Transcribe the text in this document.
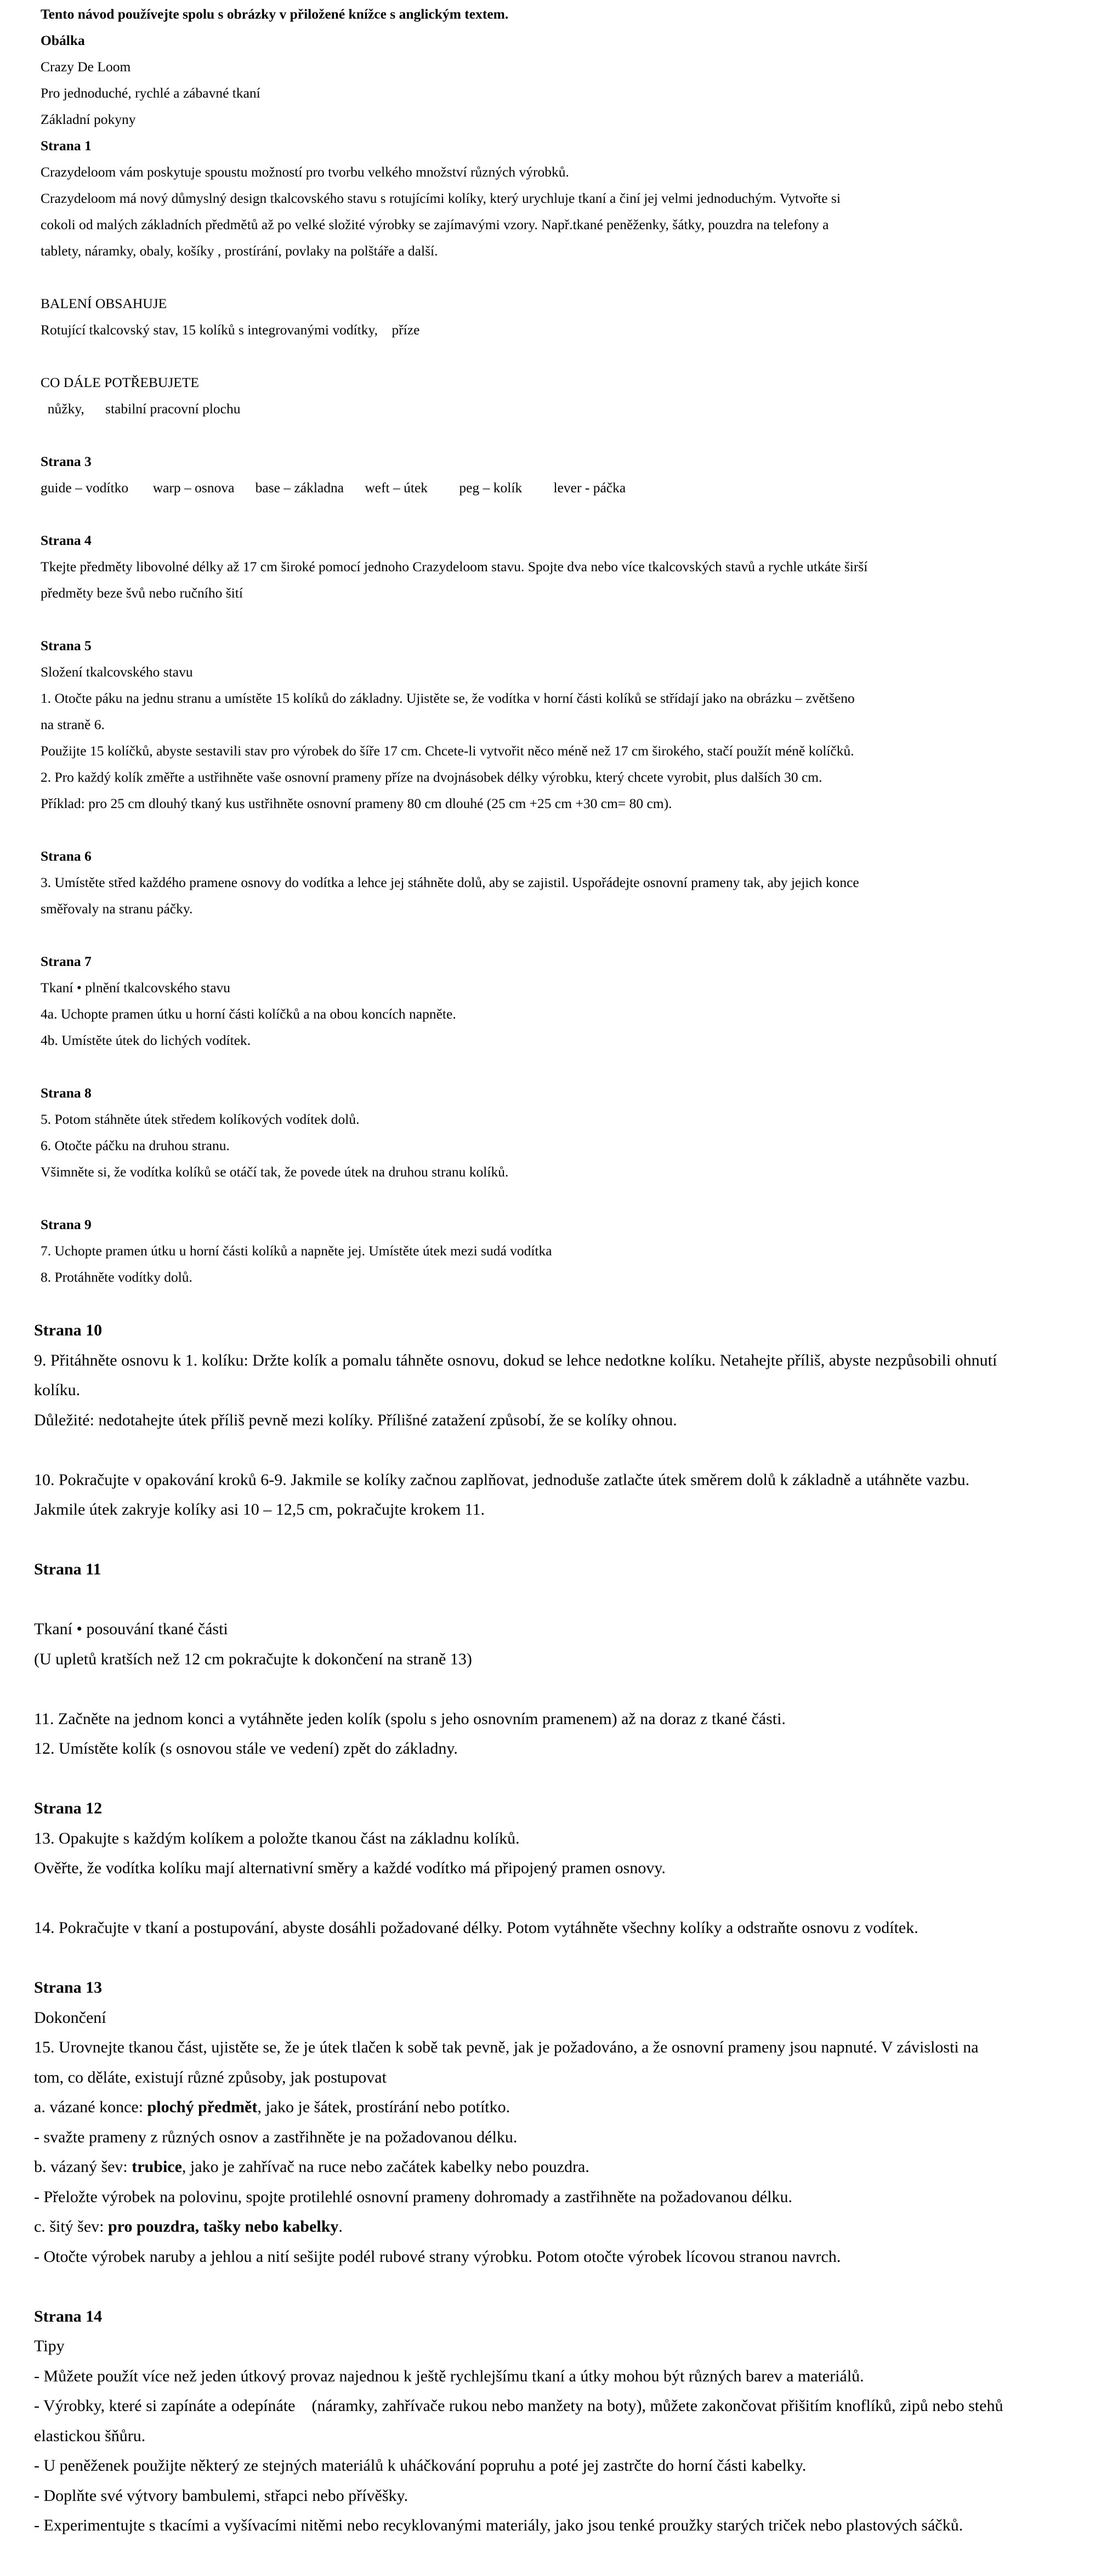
Tento návod používejte spolu s obrázky v přiložené knížce s anglickým textem.
Obálka
Crazy De Loom
Pro jednoduché, rychlé a zábavné tkaní
Základní pokyny
Strana 1
Crazydeloom vám poskytuje spoustu možností pro tvorbu velkého množství různých výrobků.
Crazydeloom má nový důmyslný design tkalcovského stavu s rotujícími kolíky, který urychluje tkaní a činí jej velmi jednoduchým. Vytvořte si
cokoli od malých základních předmětů až po velké složité výrobky se zajímavými vzory. Např.tkané peněženky, šátky, pouzdra na telefony a
tablety, náramky, obaly, košíky , prostírání, povlaky na polštáře a další.

BALENÍ OBSAHUJE
Rotující tkalcovský stav, 15 kolíků s integrovanými vodítky,    příze

CO DÁLE POTŘEBUJETE
nůžky,      stabilní pracovní plochu

Strana 3
guide – vodítko       warp – osnova      base – základna      weft – útek         peg – kolík         lever - páčka

Strana 4
Tkejte předměty libovolné délky až 17 cm široké pomocí jednoho Crazydeloom stavu. Spojte dva nebo více tkalcovských stavů a rychle utkáte širší
předměty beze švů nebo ručního šití

Strana 5
Složení tkalcovského stavu
1. Otočte páku na jednu stranu a umístěte 15 kolíků do základny. Ujistěte se, že vodítka v horní části kolíků se střídají jako na obrázku – zvětšeno
na straně 6.
Použijte 15 kolíčků, abyste sestavili stav pro výrobek do šíře 17 cm. Chcete-li vytvořit něco méně než 17 cm širokého, stačí použít méně kolíčků.
2. Pro každý kolík změřte a ustřihněte vaše osnovní prameny příze na dvojnásobek délky výrobku, který chcete vyrobit, plus dalších 30 cm.
Příklad: pro 25 cm dlouhý tkaný kus ustřihněte osnovní prameny 80 cm dlouhé (25 cm +25 cm +30 cm= 80 cm).

Strana 6
3. Umístěte střed každého pramene osnovy do vodítka a lehce jej stáhněte dolů, aby se zajistil. Uspořádejte osnovní prameny tak, aby jejich konce
směřovaly na stranu páčky.

Strana 7
Tkaní • plnění tkalcovského stavu
4a. Uchopte pramen útku u horní části kolíčků a na obou koncích napněte.
4b. Umístěte útek do lichých vodítek.

Strana 8
5. Potom stáhněte útek středem kolíkových vodítek dolů.
6. Otočte páčku na druhou stranu.
Všimněte si, že vodítka kolíků se otáčí tak, že povede útek na druhou stranu kolíků.

Strana 9
7. Uchopte pramen útku u horní části kolíků a napněte jej. Umístěte útek mezi sudá vodítka
8. Protáhněte vodítky dolů.
Strana 10
9. Přitáhněte osnovu k 1. kolíku: Držte kolík a pomalu táhněte osnovu, dokud se lehce nedotkne kolíku. Netahejte příliš, abyste nezpůsobili ohnutí
kolíku.
Důležité: nedotahejte útek příliš pevně mezi kolíky. Přílišné zatažení způsobí, že se kolíky ohnou.

10. Pokračujte v opakování kroků 6-9. Jakmile se kolíky začnou zaplňovat, jednoduše zatlačte útek směrem dolů k základně a utáhněte vazbu.
Jakmile útek zakryje kolíky asi 10 – 12,5 cm, pokračujte krokem 11.

Strana 11

Tkaní • posouvání tkané části
(U upletů kratších než 12 cm pokračujte k dokončení na straně 13)

11. Začněte na jednom konci a vytáhněte jeden kolík (spolu s jeho osnovním pramenem) až na doraz z tkané části.
12. Umístěte kolík (s osnovou stále ve vedení) zpět do základny.

Strana 12
13. Opakujte s každým kolíkem a položte tkanou část na základnu kolíků.
Ověřte, že vodítka kolíku mají alternativní směry a každé vodítko má připojený pramen osnovy.

14. Pokračujte v tkaní a postupování, abyste dosáhli požadované délky. Potom vytáhněte všechny kolíky a odstraňte osnovu z vodítek.

Strana 13
Dokončení
15. Urovnejte tkanou část, ujistěte se, že je útek tlačen k sobě tak pevně, jak je požadováno, a že osnovní prameny jsou napnuté. V závislosti na
tom, co děláte, existují různé způsoby, jak postupovat
a. vázané konce: plochý předmět, jako je šátek, prostírání nebo potítko.
- svažte prameny z různých osnov a zastřihněte je na požadovanou délku.
b. vázaný šev: trubice, jako je zahřívač na ruce nebo začátek kabelky nebo pouzdra.
- Přeložte výrobek na polovinu, spojte protilehlé osnovní prameny dohromady a zastřihněte na požadovanou délku.
c. šitý šev: pro pouzdra, tašky nebo kabelky.
- Otočte výrobek naruby a jehlou a nití sešijte podél rubové strany výrobku. Potom otočte výrobek lícovou stranou navrch.

Strana 14
Tipy
- Můžete použít více než jeden útkový provaz najednou k ještě rychlejšímu tkaní a útky mohou být různých barev a materiálů.
- Výrobky, které si zapínáte a odepínáte    (náramky, zahřívače rukou nebo manžety na boty), můžete zakončovat přišitím knoflíků, zipů nebo stehů
elastickou šňůru.
- U peněženek použijte některý ze stejných materiálů k uháčkování popruhu a poté jej zastrčte do horní části kabelky.
- Doplňte své výtvory bambulemi, střapci nebo přívěšky.
- Experimentujte s tkacími a vyšívacími nitěmi nebo recyklovanými materiály, jako jsou tenké proužky starých triček nebo plastových sáčků.
